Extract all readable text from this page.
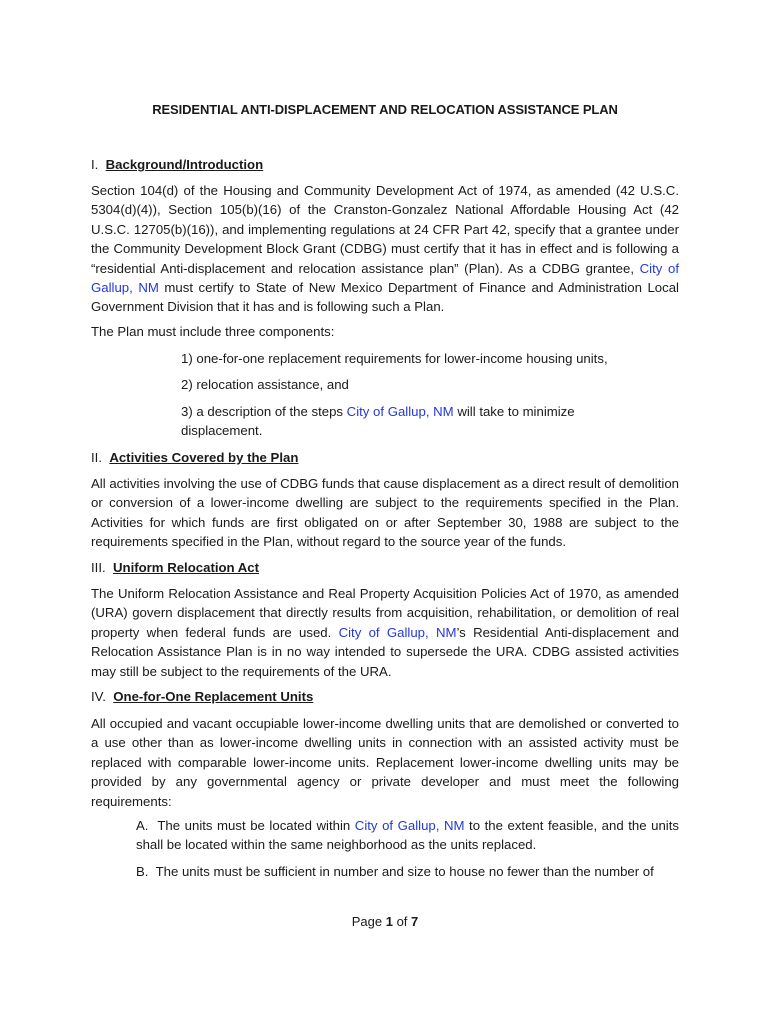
RESIDENTIAL ANTI-DISPLACEMENT AND RELOCATION ASSISTANCE PLAN
I. Background/Introduction
Section 104(d) of the Housing and Community Development Act of 1974, as amended (42 U.S.C. 5304(d)(4)), Section 105(b)(16) of the Cranston-Gonzalez National Affordable Housing Act (42 U.S.C. 12705(b)(16)), and implementing regulations at 24 CFR Part 42, specify that a grantee under the Community Development Block Grant (CDBG) must certify that it has in effect and is following a “residential Anti-displacement and relocation assistance plan” (Plan). As a CDBG grantee, City of Gallup, NM must certify to State of New Mexico Department of Finance and Administration Local Government Division that it has and is following such a Plan.
The Plan must include three components:
1) one-for-one replacement requirements for lower-income housing units,
2) relocation assistance, and
3) a description of the steps City of Gallup, NM will take to minimize displacement.
II. Activities Covered by the Plan
All activities involving the use of CDBG funds that cause displacement as a direct result of demolition or conversion of a lower-income dwelling are subject to the requirements specified in the Plan. Activities for which funds are first obligated on or after September 30, 1988 are subject to the requirements specified in the Plan, without regard to the source year of the funds.
III. Uniform Relocation Act
The Uniform Relocation Assistance and Real Property Acquisition Policies Act of 1970, as amended (URA) govern displacement that directly results from acquisition, rehabilitation, or demolition of real property when federal funds are used. City of Gallup, NM’s Residential Anti-displacement and Relocation Assistance Plan is in no way intended to supersede the URA. CDBG assisted activities may still be subject to the requirements of the URA.
IV. One-for-One Replacement Units
All occupied and vacant occupiable lower-income dwelling units that are demolished or converted to a use other than as lower-income dwelling units in connection with an assisted activity must be replaced with comparable lower-income units. Replacement lower-income dwelling units may be provided by any governmental agency or private developer and must meet the following requirements:
A. The units must be located within City of Gallup, NM to the extent feasible, and the units shall be located within the same neighborhood as the units replaced.
B. The units must be sufficient in number and size to house no fewer than the number of
Page 1 of 7
